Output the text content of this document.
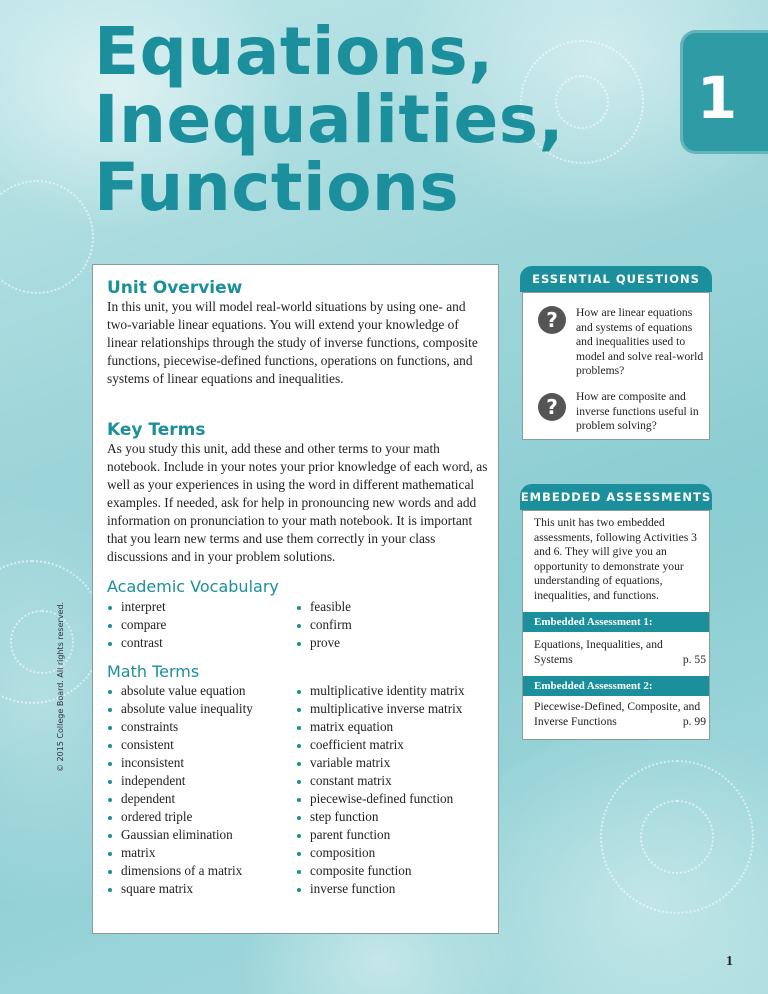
Equations,
Inequalities,
Functions
1
Unit Overview

In this unit, you will model real-world situations by using one- and two-variable linear equations. You will extend your knowledge of linear relationships through the study of inverse functions, composite functions, piecewise-defined functions, operations on functions, and systems of linear equations and inequalities.

Key Terms

As you study this unit, add these and other terms to your math notebook. Include in your notes your prior knowledge of each word, as well as your experiences in using the word in different mathematical examples. If needed, ask for help in pronouncing new words and add information on pronunciation to your math notebook. It is important that you learn new terms and use them correctly in your class discussions and in your problem solutions.

Academic Vocabulary
interpret
compare
contrast
feasible
confirm
prove
Math Terms
absolute value equation
absolute value inequality
constraints
consistent
inconsistent
independent
dependent
ordered triple
Gaussian elimination
matrix
dimensions of a matrix
square matrix
multiplicative identity matrix
multiplicative inverse matrix
matrix equation
coefficient matrix
variable matrix
constant matrix
piecewise-defined function
step function
parent function
composition
composite function
inverse function
© 2015 College Board. All rights reserved.
ESSENTIAL QUESTIONS
?	How are linear equations and systems of equations and inequalities used to model and solve real-world problems?

?	How are composite and inverse functions useful in problem solving?

EMBEDDED ASSESSMENTS

This unit has two embedded assessments, following Activities 3 and 6. They will give you an opportunity to demonstrate your understanding of equations, inequalities, and functions.

Embedded Assessment 1:
Equations, Inequalities, and
Systems	p. 55
Embedded Assessment 2:
Piecewise-Defined, Composite, and
Inverse Functions	p. 99
1
